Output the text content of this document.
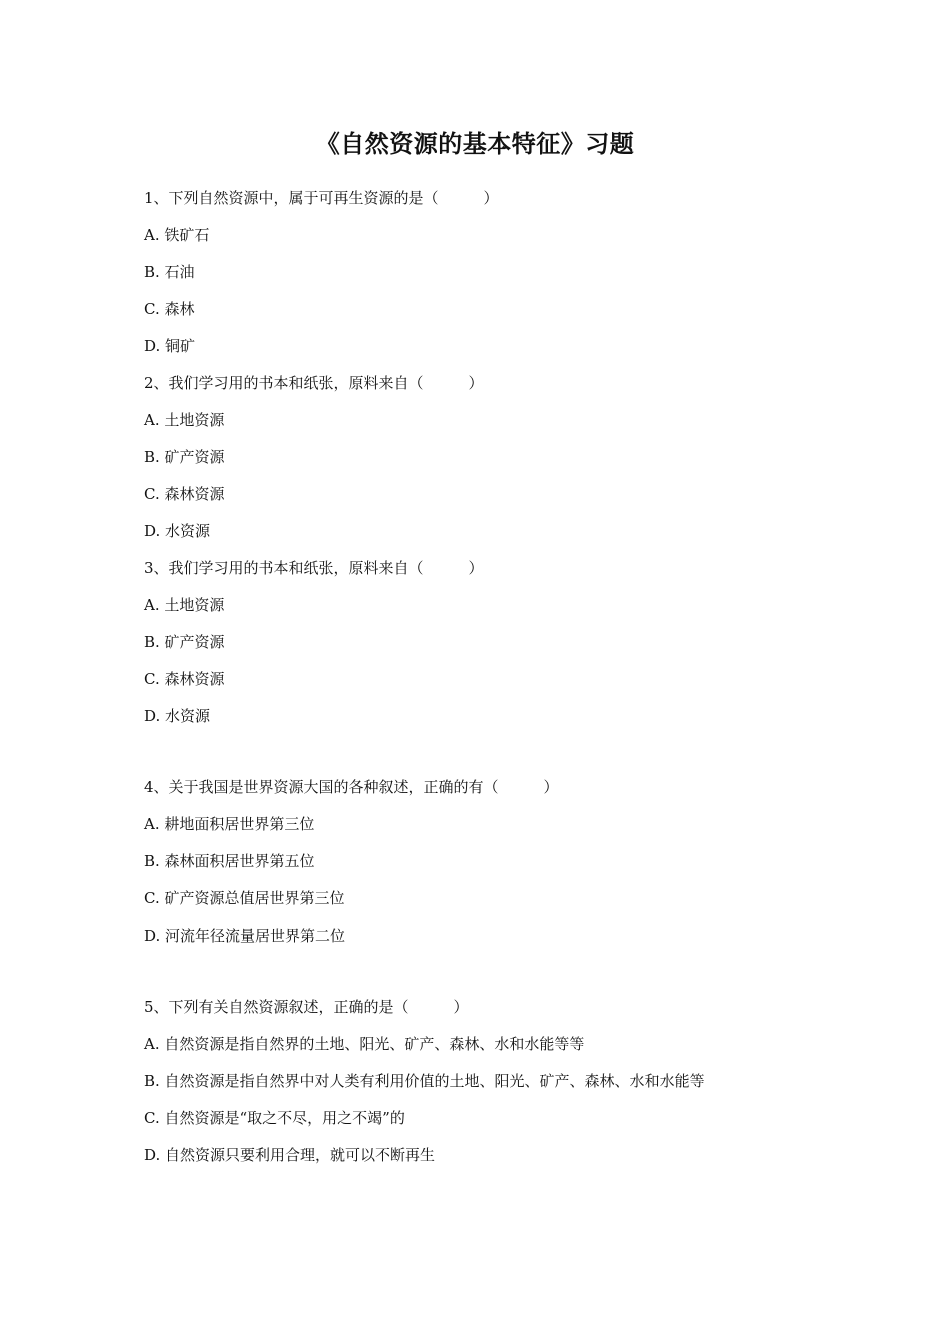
《自然资源的基本特征》习题
1、下列自然资源中，属于可再生资源的是（　　　）
A. 铁矿石
B. 石油
C. 森林
D. 铜矿
2、我们学习用的书本和纸张，原料来自（　　　）
A. 土地资源
B. 矿产资源
C. 森林资源
D. 水资源
3、我们学习用的书本和纸张，原料来自（　　　）
A. 土地资源
B. 矿产资源
C. 森林资源
D. 水资源
4、关于我国是世界资源大国的各种叙述，正确的有（　　　）
A. 耕地面积居世界第三位
B. 森林面积居世界第五位
C. 矿产资源总值居世界第三位
D. 河流年径流量居世界第二位
5、下列有关自然资源叙述，正确的是（　　　）
A. 自然资源是指自然界的土地、阳光、矿产、森林、水和水能等等
B. 自然资源是指自然界中对人类有利用价值的土地、阳光、矿产、森林、水和水能等
C. 自然资源是“取之不尽，用之不竭”的
D. 自然资源只要利用合理，就可以不断再生
